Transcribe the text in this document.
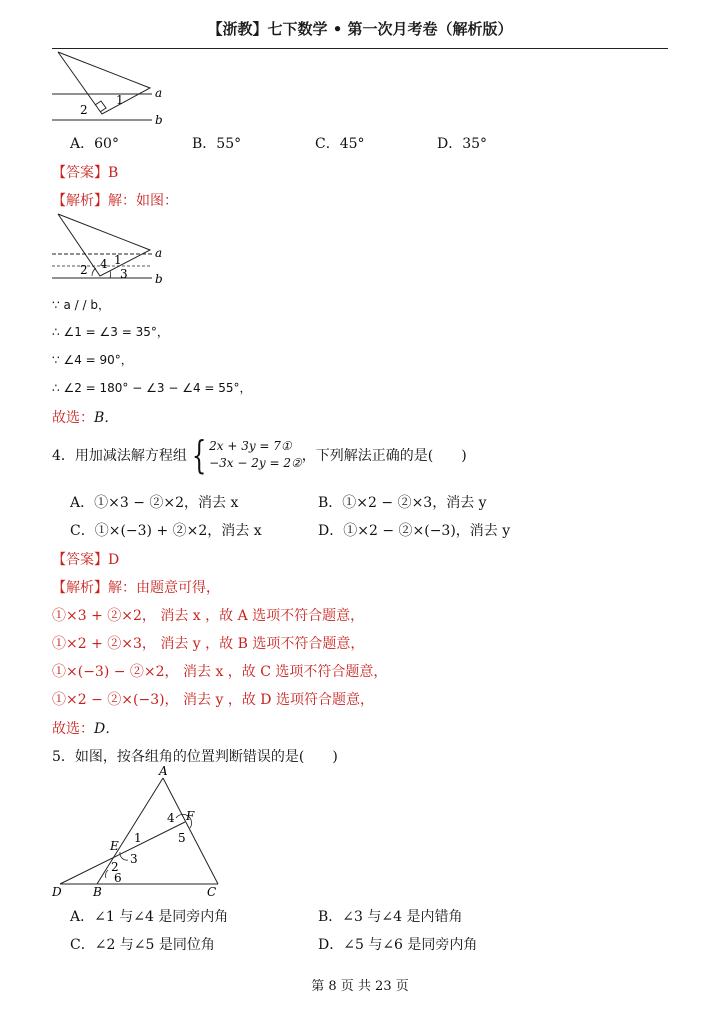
【浙教】七下数学 • 第一次月考卷（解析版）
a
b
1
2
A．60°	B．55°	C．45°	D．35°
【答案】B
【解析】解：如图：
a
b
1
2	3
4
∵ a / / b，
∴ ∠1 = ∠3 = 35°，
∵ ∠4 = 90°，
∴ ∠2 = 180° − ∠3 − ∠4 = 55°，
故选：B．
4．用加减法解方程组 { 2x + 3y = 7①
−3x − 2y = 2②，下列解法正确的是(　　)
A．①×3 − ②×2，消去 x	B．①×2 − ②×3，消去 y
C．①×(−3) + ②×2，消去 x	D．①×2 − ②×(−3)，消去 y
【答案】D
【解析】解：由题意可得，
①×3 + ②×2， 消去 x ，故 A 选项不符合题意，
①×2 + ②×3， 消去 y ，故 B 选项不符合题意，
①×(−3) − ②×2， 消去 x ，故 C 选项不符合题意，
①×2 − ②×(−3)， 消去 y ，故 D 选项符合题意，
故选：D．
5．如图，按各组角的位置判断错误的是(　　)
A
B	C
D
E
F
1
2
3
4
5
6
A．∠1 与∠4 是同旁内角	B．∠3 与∠4 是内错角
C．∠2 与∠5 是同位角	D．∠5 与∠6 是同旁内角
第 8 页 共 23 页
